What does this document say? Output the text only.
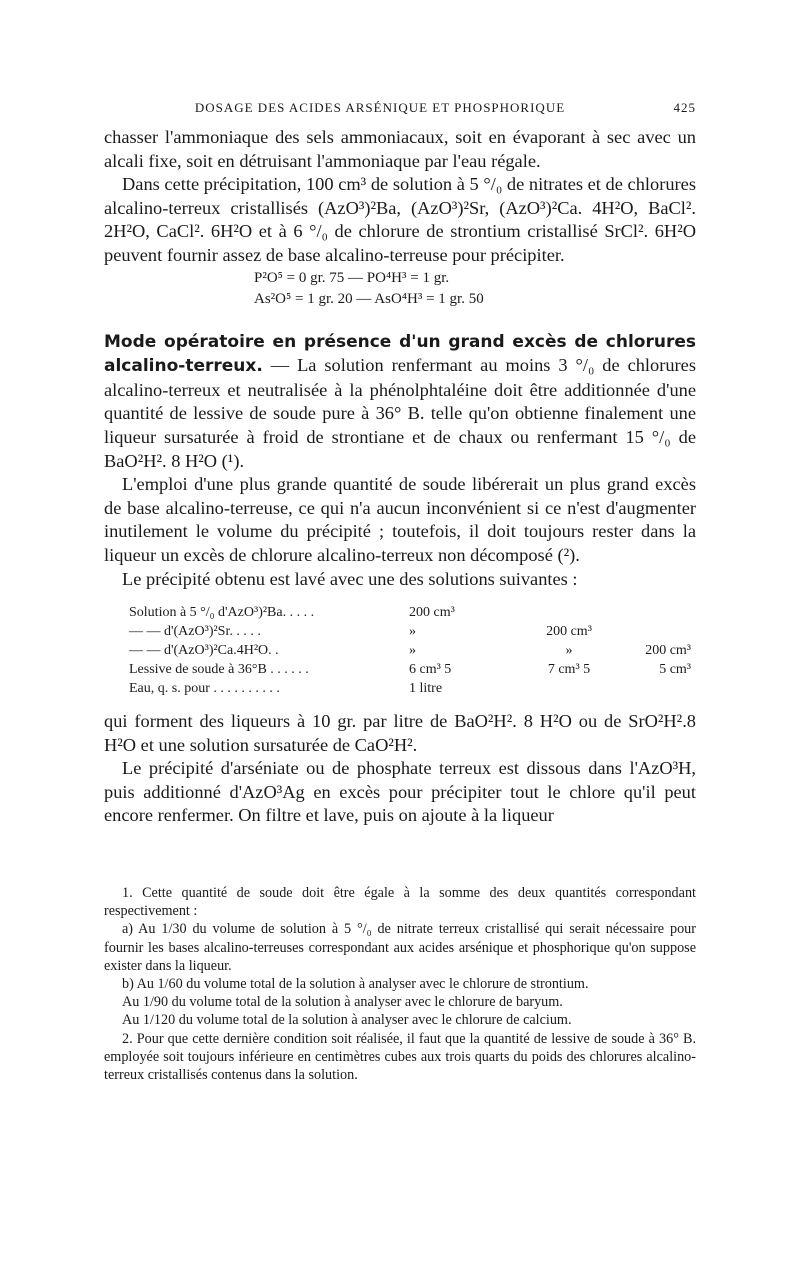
DOSAGE DES ACIDES ARSÉNIQUE ET PHOSPHORIQUE	425

chasser l'ammoniaque des sels ammoniacaux, soit en évaporant à sec avec un alcali fixe, soit en détruisant l'ammoniaque par l'eau régale.

Dans cette précipitation, 100 cm³ de solution à 5 °/₀ de nitrates et de chlorures alcalino-terreux cristallisés (AzO³)²Ba, (AzO³)²Sr, (AzO³)²Ca. 4H²O, BaCl². 2H²O, CaCl². 6H²O et à 6 °/₀ de chlorure de strontium cristallisé SrCl². 6H²O peuvent fournir assez de base alcalino-terreuse pour précipiter.

P²O⁵ = 0 gr. 75 — PO⁴H³ = 1 gr.
As²O⁵ = 1 gr. 20 — AsO⁴H³ = 1 gr. 50

Mode opératoire en présence d'un grand excès de chlorures alcalino-terreux. — La solution renfermant au moins 3 °/₀ de chlorures alcalino-terreux et neutralisée à la phénolphtaléine doit être additionnée d'une quantité de lessive de soude pure à 36° B. telle qu'on obtienne finalement une liqueur sursaturée à froid de strontiane et de chaux ou renfermant 15 °/₀ de BaO²H². 8 H²O (¹).

L'emploi d'une plus grande quantité de soude libérerait un plus grand excès de base alcalino-terreuse, ce qui n'a aucun inconvénient si ce n'est d'augmenter inutilement le volume du précipité ; toutefois, il doit toujours rester dans la liqueur un excès de chlorure alcalino-terreux non décomposé (²).

Le précipité obtenu est lavé avec une des solutions suivantes :

Solution à 5 °/₀ d'AzO³)²Ba. . . . .	200 cm³		
— — d'(AzO³)²Sr. . . . .	»	200 cm³	
— — d'(AzO³)²Ca.4H²O. .	»	»	200 cm³
Lessive de soude à 36°B . . . . . .	6 cm³ 5	7 cm³ 5	5 cm³
Eau, q. s. pour . . . . . . . . . .	1 litre		

qui forment des liqueurs à 10 gr. par litre de BaO²H². 8 H²O ou de SrO²H².8 H²O et une solution sursaturée de CaO²H².

Le précipité d'arséniate ou de phosphate terreux est dissous dans l'AzO³H, puis additionné d'AzO³Ag en excès pour précipiter tout le chlore qu'il peut encore renfermer. On filtre et lave, puis on ajoute à la liqueur

1. Cette quantité de soude doit être égale à la somme des deux quantités correspondant respectivement :

a) Au 1/30 du volume de solution à 5 °/₀ de nitrate terreux cristallisé qui serait nécessaire pour fournir les bases alcalino-terreuses correspondant aux acides arsénique et phosphorique qu'on suppose exister dans la liqueur.

b) Au 1/60 du volume total de la solution à analyser avec le chlorure de strontium.

Au 1/90 du volume total de la solution à analyser avec le chlorure de baryum.

Au 1/120 du volume total de la solution à analyser avec le chlorure de calcium.

2. Pour que cette dernière condition soit réalisée, il faut que la quantité de lessive de soude à 36° B. employée soit toujours inférieure en centimètres cubes aux trois quarts du poids des chlorures alcalino-terreux cristallisés contenus dans la solution.
